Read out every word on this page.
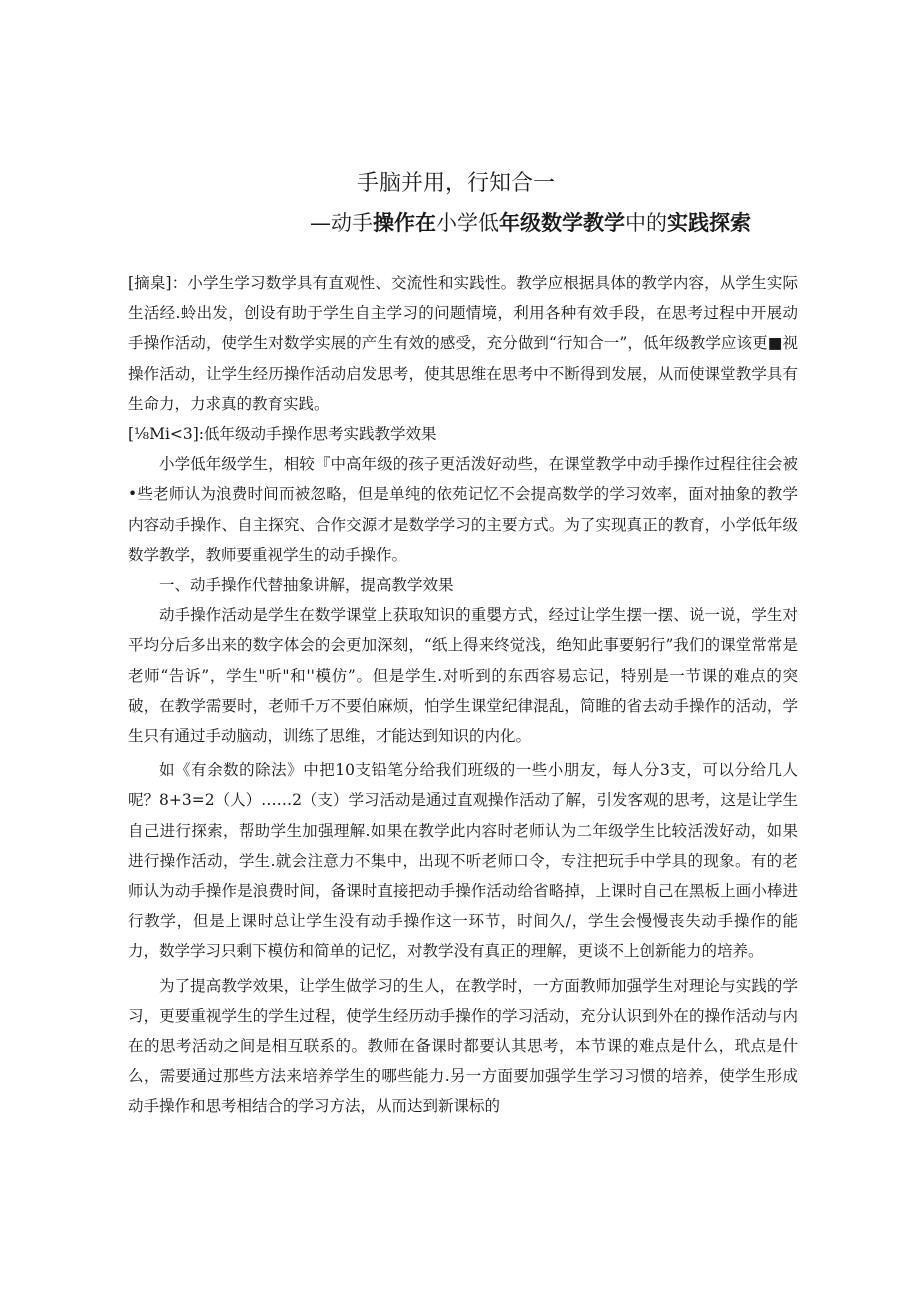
手脑并用，行知合一
—动手操作在小学低年级数学教学中的实践探索

[摘臬]：小学生学习数学具有直观性、交流性和实践性。教学应根据具体的教学内容，从学生实际生活经.蛉出发，创设有助于学生自主学习的问题情境，利用各种有效手段，在思考过程中开展动手操作活动，使学生对数学实展的产生有效的感受，充分做到“行知合一”，低年级教学应该更■视操作活动，让学生经历操作活动启发思考，使其思维在思考中不断得到发展，从而使课堂教学具有生命力，力求真的教育实践。

[⅛Mi<3]:低年级动手操作思考实践教学效果

小学低年级学生，相较『中高年级的孩子更活泼好动些，在课堂教学中动手操作过程往往会被•些老师认为浪费时间而被忽略，但是单纯的依苑记忆不会提高数学的学习效率，面对抽象的教学内容动手操作、自主探究、合作交源才是数学学习的主要方式。为了实现真正的教育，小学低年级数学教学，教师要重视学生的动手操作。

一、动手操作代替抽象讲解，提高教学效果

动手操作活动是学生在数学课堂上获取知识的重嬰方式，经过让学生摆一摆、说一说，学生对平均分后多出来的数字体会的会更加深刻，“纸上得来终觉浅，绝知此事要躬行”我们的课堂常常是老师“告诉”，学生"听"和''模仿”。但是学生.对听到的东西容易忘记，特别是一节课的难点的突破，在教学需要时，老师千万不要伯麻烦，怕学生课堂纪律混乱，简睢的省去动手操作的活动，学生只有通过手动脑动，训练了思维，才能达到知识的内化。

如《有余数的除法》中把10支铅笔分给我们班级的一些小朋友，每人分3支，可以分给几人呢？8+3=2（人）……2（支）学习活动是通过直观操作活动了解，引发客观的思考，这是让学生自己进行探索，帮助学生加强理解.如果在教学此内容时老师认为二年级学生比较活泼好动，如果进行操作活动，学生.就会注意力不集中，出现不听老师口令，专注把玩手中学具的现象。有的老师认为动手操作是浪费时间，备课时直接把动手操作活动给省略掉，上课时自己在黑板上画小棒进行教学，但是上课时总让学生没有动手操作这一环节，时间久/，学生会慢慢丧失动手操作的能力，数学学习只剩下模仿和简单的记忆，对教学没有真正的理解，更谈不上创新能力的培养。

为了提高教学效果，让学生做学习的生人，在教学时，一方面教师加强学生对理论与实践的学习，更要重视学生的学生过程，使学生经历动手操作的学习活动，充分认识到外在的操作活动与内在的思考活动之间是相互联系的。教师在备课时都要认其思考，本节课的难点是什么，玳点是什么，需要通过那些方法来培养学生的哪些能力.另一方面要加强学生学习习惯的培养，使学生形成动手操作和思考相结合的学习方法，从而达到新课标的
